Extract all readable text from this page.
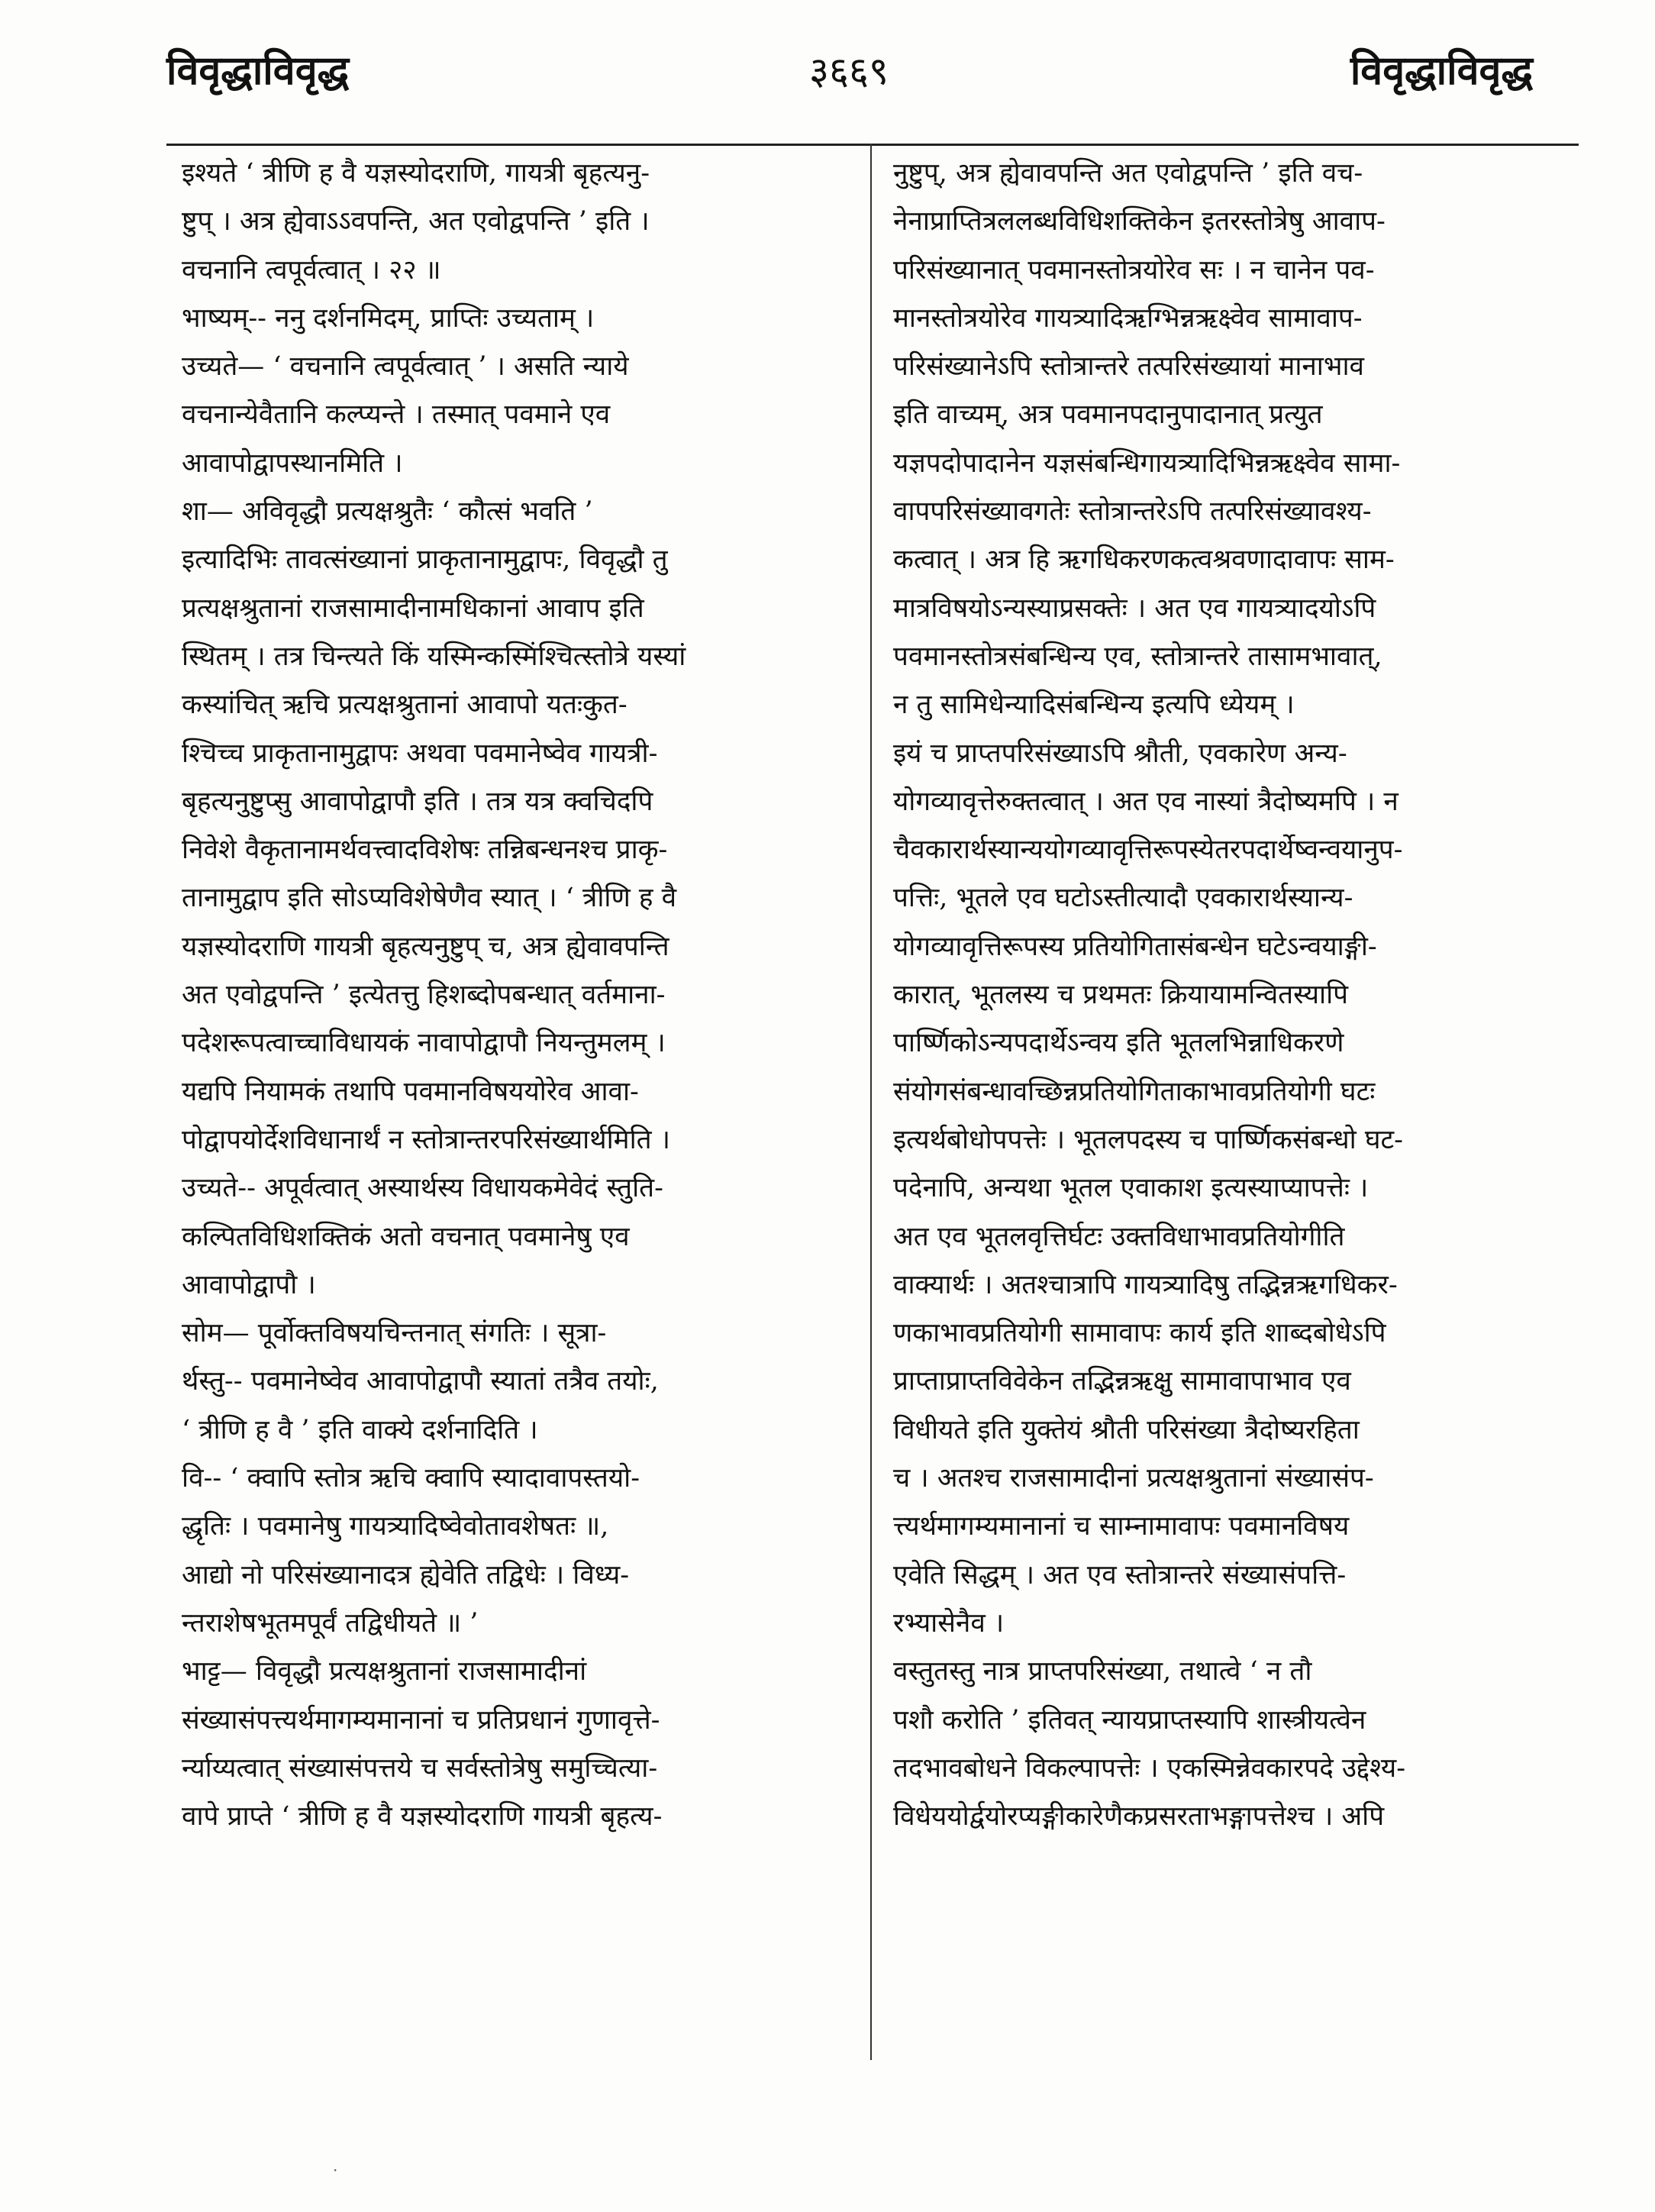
विवृद्धाविवृद्ध	३६६९	विवृद्धाविवृद्ध
इश्यते ‘ त्रीणि ह वै यज्ञस्योदराणि, गायत्री बृहत्यनु-
ष्टुप् । अत्र ह्येवाऽऽवपन्ति, अत एवोद्वपन्ति ’ इति ।
वचनानि त्वपूर्वत्वात् । २२ ॥
भाष्यम्-- ननु दर्शनमिदम्, प्राप्तिः उच्यताम् ।
उच्यते— ‘ वचनानि त्वपूर्वत्वात् ’ । असति न्याये
वचनान्येवैतानि कल्प्यन्ते । तस्मात् पवमाने एव
आवापोद्वापस्थानमिति ।
शा— अविवृद्धौ प्रत्यक्षश्रुतैः ‘ कौत्सं भवति ’
इत्यादिभिः तावत्संख्यानां प्राकृतानामुद्वापः, विवृद्धौ तु
प्रत्यक्षश्रुतानां राजसामादीनामधिकानां आवाप इति
स्थितम् । तत्र चिन्त्यते किं यस्मिन्कस्मिंश्चित्स्तोत्रे यस्यां
कस्यांचित् ऋचि प्रत्यक्षश्रुतानां आवापो यतःकुत-
श्चिच्च प्राकृतानामुद्वापः अथवा पवमानेष्वेव गायत्री-
बृहत्यनुष्टुप्सु आवापोद्वापौ इति । तत्र यत्र क्वचिदपि
निवेशे वैकृतानामर्थवत्त्वादविशेषः तन्निबन्धनश्च प्राकृ-
तानामुद्वाप इति सोऽप्यविशेषेणैव स्यात् । ‘ त्रीणि ह वै
यज्ञस्योदराणि गायत्री बृहत्यनुष्टुप् च, अत्र ह्येवावपन्ति
अत एवोद्वपन्ति ’ इत्येतत्तु हिशब्दोपबन्धात् वर्तमाना-
पदेशरूपत्वाच्चाविधायकं नावापोद्वापौ नियन्तुमलम् ।
यद्यपि नियामकं तथापि पवमानविषययोरेव आवा-
पोद्वापयोर्देशविधानार्थं न स्तोत्रान्तरपरिसंख्यार्थमिति ।
उच्यते-- अपूर्वत्वात् अस्यार्थस्य विधायकमेवेदं स्तुति-
कल्पितविधिशक्तिकं अतो वचनात् पवमानेषु एव
आवापोद्वापौ ।
सोम— पूर्वोक्तविषयचिन्तनात् संगतिः । सूत्रा-
र्थस्तु-- पवमानेष्वेव आवापोद्वापौ स्यातां तत्रैव तयोः,
‘ त्रीणि ह वै ’ इति वाक्ये दर्शनादिति ।
वि-- ‘ क्वापि स्तोत्र ऋचि क्वापि स्यादावापस्तयो-
द्धृतिः । पवमानेषु गायत्र्यादिष्वेवोतावशेषतः ॥,
आद्यो नो परिसंख्यानादत्र ह्येवेति तद्विधेः । विध्य-
न्तराशेषभूतमपूर्वं तद्विधीयते ॥ ’
भाट्ट— विवृद्धौ प्रत्यक्षश्रुतानां राजसामादीनां
संख्यासंपत्त्यर्थमागम्यमानानां च प्रतिप्रधानं गुणावृत्ते-
र्न्याय्यत्वात् संख्यासंपत्तये च सर्वस्तोत्रेषु समुच्चित्या-
वापे प्राप्ते ‘ त्रीणि ह वै यज्ञस्योदराणि गायत्री बृहत्य-
नुष्टुप्, अत्र ह्येवावपन्ति अत एवोद्वपन्ति ’ इति वच-
नेनाप्राप्तित्रललब्धविधिशक्तिकेन इतरस्तोत्रेषु आवाप-
परिसंख्यानात् पवमानस्तोत्रयोरेव सः । न चानेन पव-
मानस्तोत्रयोरेव गायत्र्यादिऋग्भिन्नऋक्ष्वेव सामावाप-
परिसंख्यानेऽपि स्तोत्रान्तरे तत्परिसंख्यायां मानाभाव
इति वाच्यम्, अत्र पवमानपदानुपादानात् प्रत्युत
यज्ञपदोपादानेन यज्ञसंबन्धिगायत्र्यादिभिन्नऋक्ष्वेव सामा-
वापपरिसंख्यावगतेः स्तोत्रान्तरेऽपि तत्परिसंख्यावश्य-
कत्वात् । अत्र हि ऋगधिकरणकत्वश्रवणादावापः साम-
मात्रविषयोऽन्यस्याप्रसक्तेः । अत एव गायत्र्यादयोऽपि
पवमानस्तोत्रसंबन्धिन्य एव, स्तोत्रान्तरे तासामभावात्,
न तु सामिधेन्यादिसंबन्धिन्य इत्यपि ध्येयम् ।
इयं च प्राप्तपरिसंख्याऽपि श्रौती, एवकारेण अन्य-
योगव्यावृत्तेरुक्तत्वात् । अत एव नास्यां त्रैदोष्यमपि । न
चैवकारार्थस्यान्ययोगव्यावृत्तिरूपस्येतरपदार्थेष्वन्वयानुप-
पत्तिः, भूतले एव घटोऽस्तीत्यादौ एवकारार्थस्यान्य-
योगव्यावृत्तिरूपस्य प्रतियोगितासंबन्धेन घटेऽन्वयाङ्गी-
कारात्, भूतलस्य च प्रथमतः क्रियायामन्वितस्यापि
पार्ष्णिकोऽन्यपदार्थेऽन्वय इति भूतलभिन्नाधिकरणे
संयोगसंबन्धावच्छिन्नप्रतियोगिताकाभावप्रतियोगी घटः
इत्यर्थबोधोपपत्तेः । भूतलपदस्य च पार्ष्णिकसंबन्धो घट-
पदेनापि, अन्यथा भूतल एवाकाश इत्यस्याप्यापत्तेः ।
अत एव भूतलवृत्तिर्घटः उक्तविधाभावप्रतियोगीति
वाक्यार्थः । अतश्चात्रापि गायत्र्यादिषु तद्भिन्नऋगधिकर-
णकाभावप्रतियोगी सामावापः कार्य इति शाब्दबोधेऽपि
प्राप्ताप्राप्तविवेकेन तद्भिन्नऋक्षु सामावापाभाव एव
विधीयते इति युक्तेयं श्रौती परिसंख्या त्रैदोष्यरहिता
च । अतश्च राजसामादीनां प्रत्यक्षश्रुतानां संख्यासंप-
त्त्यर्थमागम्यमानानां च साम्नामावापः पवमानविषय
एवेति सिद्धम् । अत एव स्तोत्रान्तरे संख्यासंपत्ति-
रभ्यासेनैव ।
वस्तुतस्तु नात्र प्राप्तपरिसंख्या, तथात्वे ‘ न तौ
पशौ करोति ’ इतिवत् न्यायप्राप्तस्यापि शास्त्रीयत्वेन
तदभावबोधने विकल्पापत्तेः । एकस्मिन्नेवकारपदे उद्देश्य-
विधेययोर्द्वयोरप्यङ्गीकारेणैकप्रसरताभङ्गापत्तेश्च । अपि
·
